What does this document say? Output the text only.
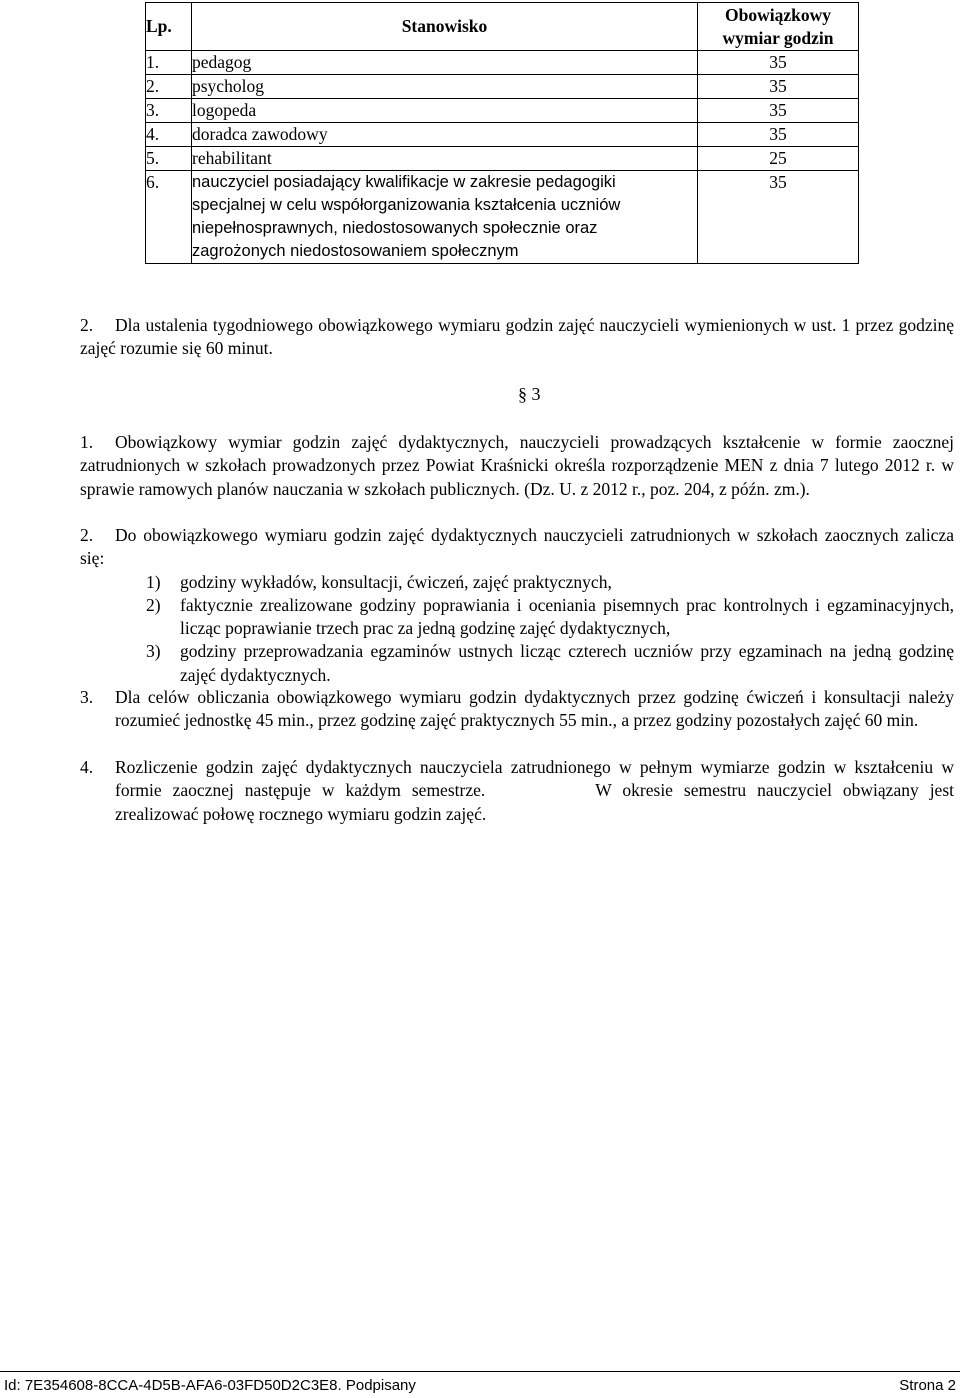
Lp.	Stanowisko	Obowiązkowy wymiar godzin
1.	pedagog	35
2.	psycholog	35
3.	logopeda	35
4.	doradca zawodowy	35
5.	rehabilitant	25
6.	nauczyciel posiadający kwalifikacje w zakresie pedagogiki specjalnej w celu współorganizowania kształcenia uczniów niepełnosprawnych, niedostosowanych społecznie oraz zagrożonych niedostosowaniem społecznym	35
2. Dla ustalenia tygodniowego obowiązkowego wymiaru godzin zajęć nauczycieli wymienionych w ust. 1 przez godzinę zajęć rozumie się 60 minut.
§ 3
1. Obowiązkowy wymiar godzin zajęć dydaktycznych, nauczycieli prowadzących kształcenie w formie zaocznej zatrudnionych w szkołach prowadzonych przez Powiat Kraśnicki określa rozporządzenie MEN z dnia 7 lutego 2012 r. w sprawie ramowych planów nauczania w szkołach publicznych. (Dz. U. z 2012 r., poz. 204, z późn. zm.).
2. Do obowiązkowego wymiaru godzin zajęć dydaktycznych nauczycieli zatrudnionych w szkołach zaocznych zalicza się:
1) godziny wykładów, konsultacji, ćwiczeń, zajęć praktycznych,
2) faktycznie zrealizowane godziny poprawiania i oceniania pisemnych prac kontrolnych i egzaminacyjnych, licząc poprawianie trzech prac za jedną godzinę zajęć dydaktycznych,
3) godziny przeprowadzania egzaminów ustnych licząc czterech uczniów przy egzaminach na jedną godzinę zajęć dydaktycznych.
3. Dla celów obliczania obowiązkowego wymiaru godzin dydaktycznych przez godzinę ćwiczeń i konsultacji należy rozumieć jednostkę 45 min., przez godzinę zajęć praktycznych 55 min., a przez godziny pozostałych zajęć 60 min.
4. Rozliczenie godzin zajęć dydaktycznych nauczyciela zatrudnionego w pełnym wymiarze godzin w kształceniu w formie zaocznej następuje w każdym semestrze.	W okresie semestru nauczyciel obwiązany jest zrealizować połowę rocznego wymiaru godzin zajęć.
Id: 7E354608-8CCA-4D5B-AFA6-03FD50D2C3E8. Podpisany	Strona 2
